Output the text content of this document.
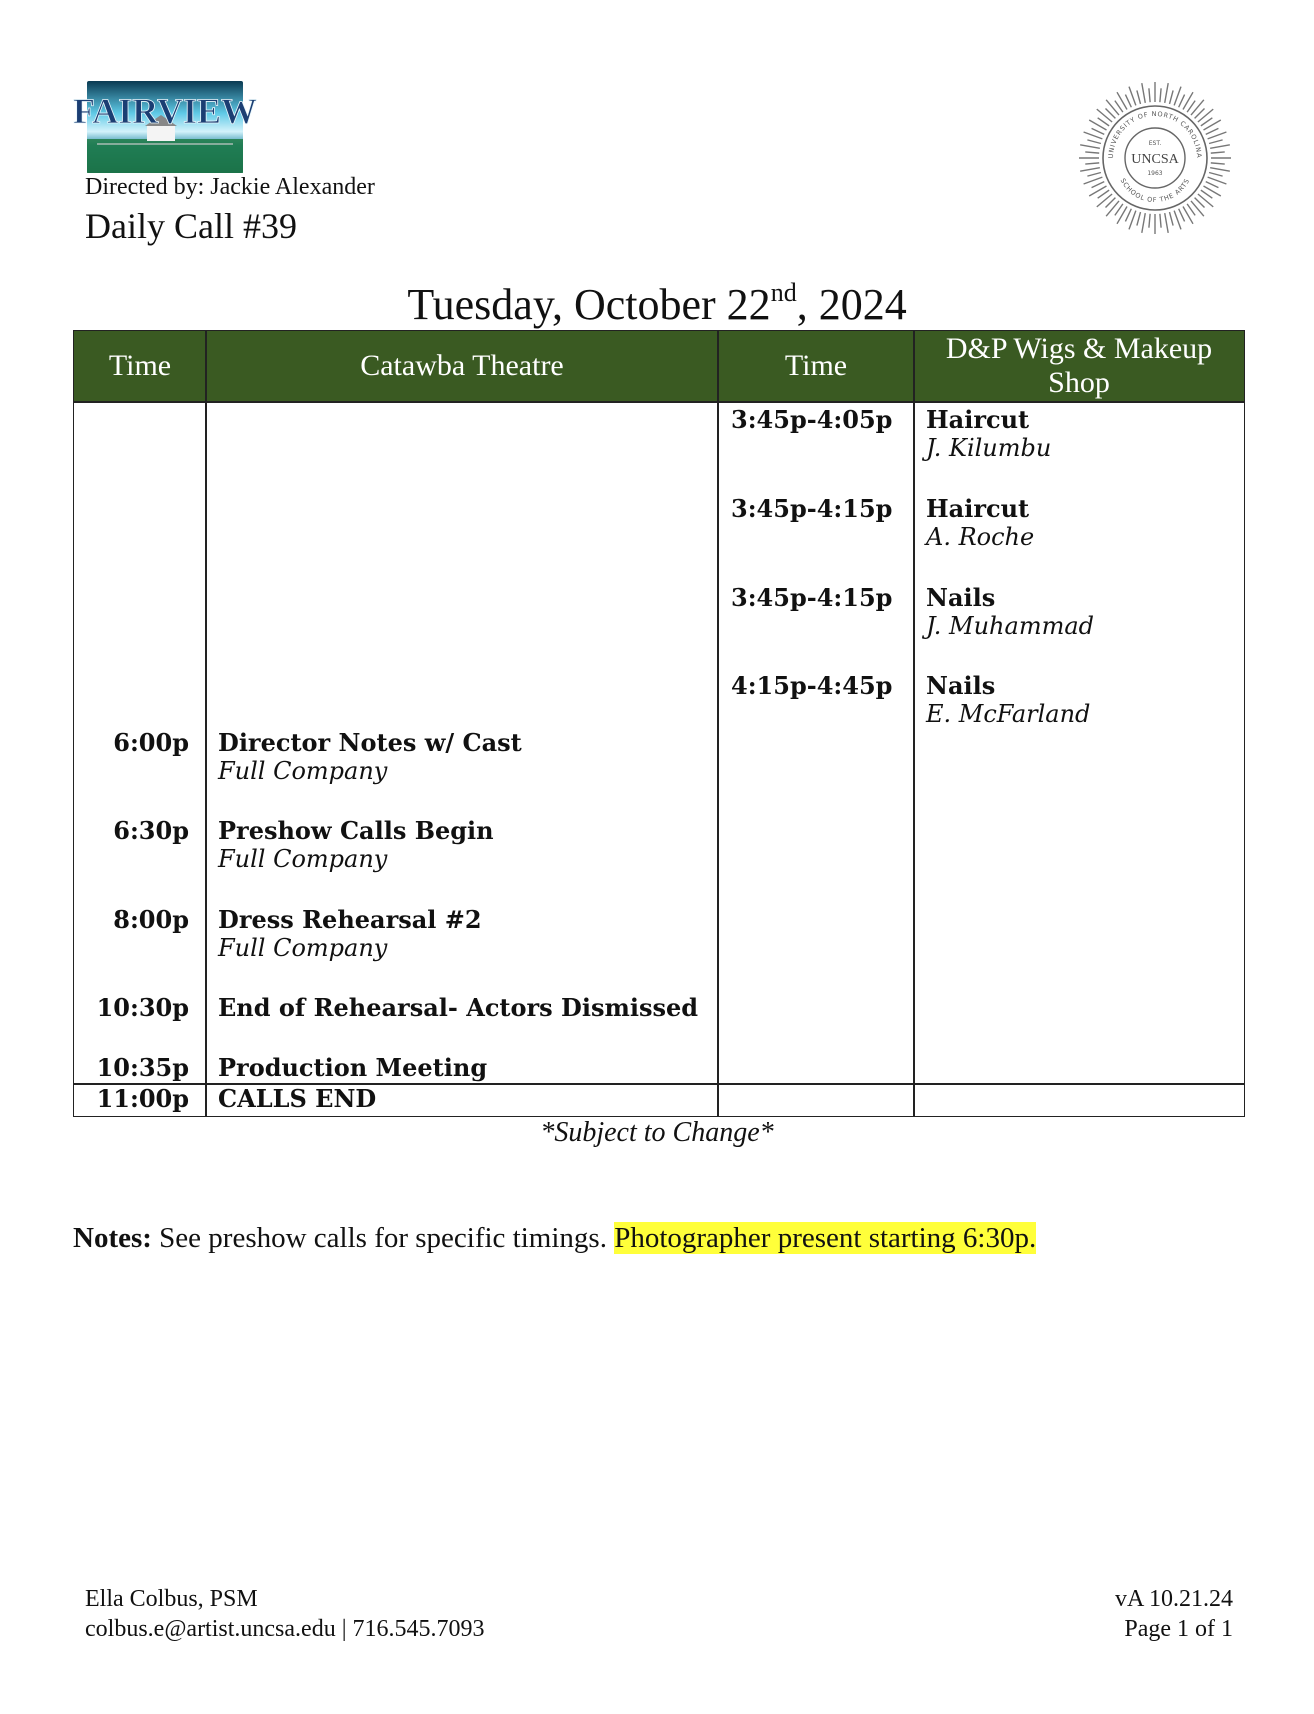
FAIRVIEW
Directed by: Jackie Alexander
Daily Call #39
UNIVERSITY OF NORTH CAROLINA
SCHOOL OF THE ARTS
EST.
UNCSA
1963
Tuesday, October 22nd, 2024
Time	Catawba Theatre	Time
D&P Wigs & Makeup Shop
3:45p-4:05p Haircut
J. Kilumbu
3:45p-4:15p Haircut
A. Roche
3:45p-4:15p Nails
J. Muhammad
4:15p-4:45p Nails
E. McFarland
6:00p Director Notes w/ Cast
Full Company
6:30p Preshow Calls Begin
Full Company
8:00p Dress Rehearsal #2
Full Company
10:30p End of Rehearsal- Actors Dismissed
10:35p Production Meeting
11:00p CALLS END
*Subject to Change*
Notes: See preshow calls for specific timings. Photographer present starting 6:30p.
Ella Colbus, PSM
colbus.e@artist.uncsa.edu | 716.545.7093
vA 10.21.24
Page 1 of 1
